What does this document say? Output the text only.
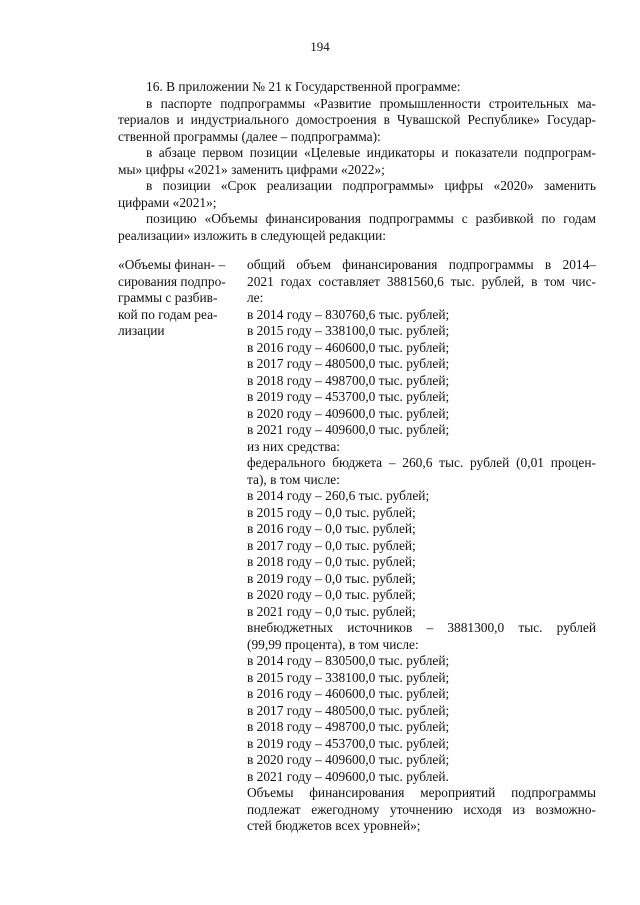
194

16. В приложении № 21 к Государственной программе:

в паспорте подпрограммы «Развитие промышленности строительных ма-

териалов и индустриального домостроения в Чувашской Республике» Государ-

ственной программы (далее – подпрограмма):

в абзаце первом позиции «Целевые индикаторы и показатели подпрограм-

мы» цифры «2021» заменить цифрами «2022»;

в позиции «Срок реализации подпрограммы» цифры «2020» заменить

цифрами «2021»;

позицию «Объемы финансирования подпрограммы с разбивкой по годам

реализации» изложить в следующей редакции:

«Объемы финан- –
сирования подпро-
граммы с разбив-
кой по годам реа-
лизации
общий объем финансирования подпрограммы в 2014–
2021 годах составляет 3881560,6 тыс. рублей, в том чис-
ле:
в 2014 году – 830760,6 тыс. рублей;
в 2015 году – 338100,0 тыс. рублей;
в 2016 году – 460600,0 тыс. рублей;
в 2017 году – 480500,0 тыс. рублей;
в 2018 году – 498700,0 тыс. рублей;
в 2019 году – 453700,0 тыс. рублей;
в 2020 году – 409600,0 тыс. рублей;
в 2021 году – 409600,0 тыс. рублей;
из них средства:
федерального бюджета – 260,6 тыс. рублей (0,01 процен-
та), в том числе:
в 2014 году – 260,6 тыс. рублей;
в 2015 году – 0,0 тыс. рублей;
в 2016 году – 0,0 тыс. рублей;
в 2017 году – 0,0 тыс. рублей;
в 2018 году – 0,0 тыс. рублей;
в 2019 году – 0,0 тыс. рублей;
в 2020 году – 0,0 тыс. рублей;
в 2021 году – 0,0 тыс. рублей;
внебюджетных источников – 3881300,0 тыс. рублей
(99,99 процента), в том числе:
в 2014 году – 830500,0 тыс. рублей;
в 2015 году – 338100,0 тыс. рублей;
в 2016 году – 460600,0 тыс. рублей;
в 2017 году – 480500,0 тыс. рублей;
в 2018 году – 498700,0 тыс. рублей;
в 2019 году – 453700,0 тыс. рублей;
в 2020 году – 409600,0 тыс. рублей;
в 2021 году – 409600,0 тыс. рублей.
Объемы финансирования мероприятий подпрограммы
подлежат ежегодному уточнению исходя из возможно-
стей бюджетов всех уровней»;
